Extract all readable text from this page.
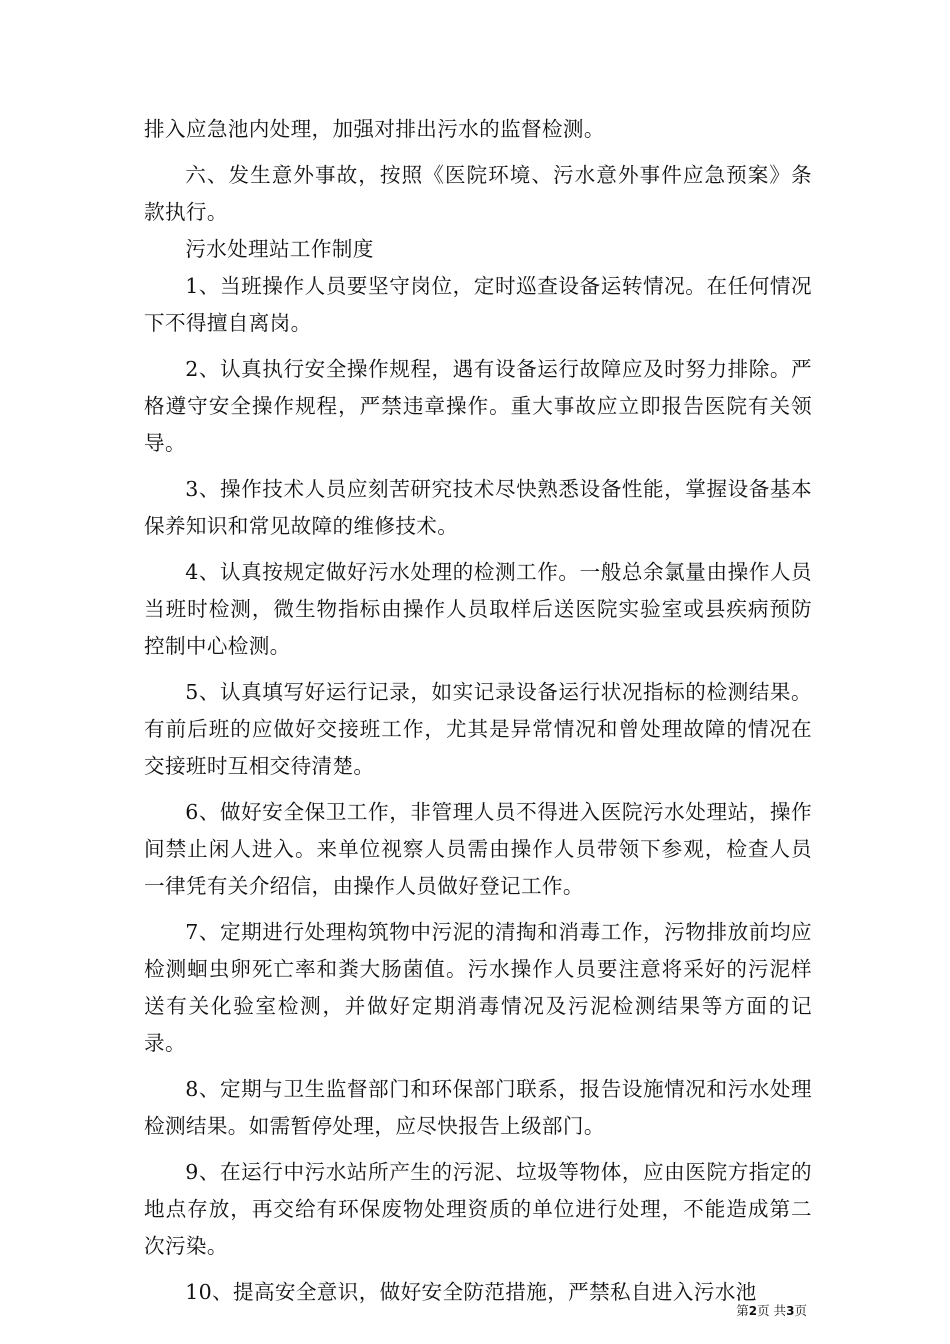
排入应急池内处理，加强对排出污水的监督检测。

六、发生意外事故，按照《医院环境、污水意外事件应急预案》条款执行。

污水处理站工作制度

1、当班操作人员要坚守岗位，定时巡查设备运转情况。在任何情况下不得擅自离岗。

2、认真执行安全操作规程，遇有设备运行故障应及时努力排除。严格遵守安全操作规程，严禁违章操作。重大事故应立即报告医院有关领导。

3、操作技术人员应刻苦研究技术尽快熟悉设备性能，掌握设备基本保养知识和常见故障的维修技术。

4、认真按规定做好污水处理的检测工作。一般总余氯量由操作人员当班时检测，微生物指标由操作人员取样后送医院实验室或县疾病预防控制中心检测。

5、认真填写好运行记录，如实记录设备运行状况指标的检测结果。有前后班的应做好交接班工作，尤其是异常情况和曾处理故障的情况在交接班时互相交待清楚。

6、做好安全保卫工作，非管理人员不得进入医院污水处理站，操作间禁止闲人进入。来单位视察人员需由操作人员带领下参观，检查人员一律凭有关介绍信，由操作人员做好登记工作。

7、定期进行处理构筑物中污泥的清掏和消毒工作，污物排放前均应检测蛔虫卵死亡率和粪大肠菌值。污水操作人员要注意将采好的污泥样送有关化验室检测，并做好定期消毒情况及污泥检测结果等方面的记录。

8、定期与卫生监督部门和环保部门联系，报告设施情况和污水处理检测结果。如需暂停处理，应尽快报告上级部门。

9、在运行中污水站所产生的污泥、垃圾等物体，应由医院方指定的地点存放，再交给有环保废物处理资质的单位进行处理，不能造成第二次污染。

10、提高安全意识，做好安全防范措施，严禁私自进入污水池

第2页 共3页
